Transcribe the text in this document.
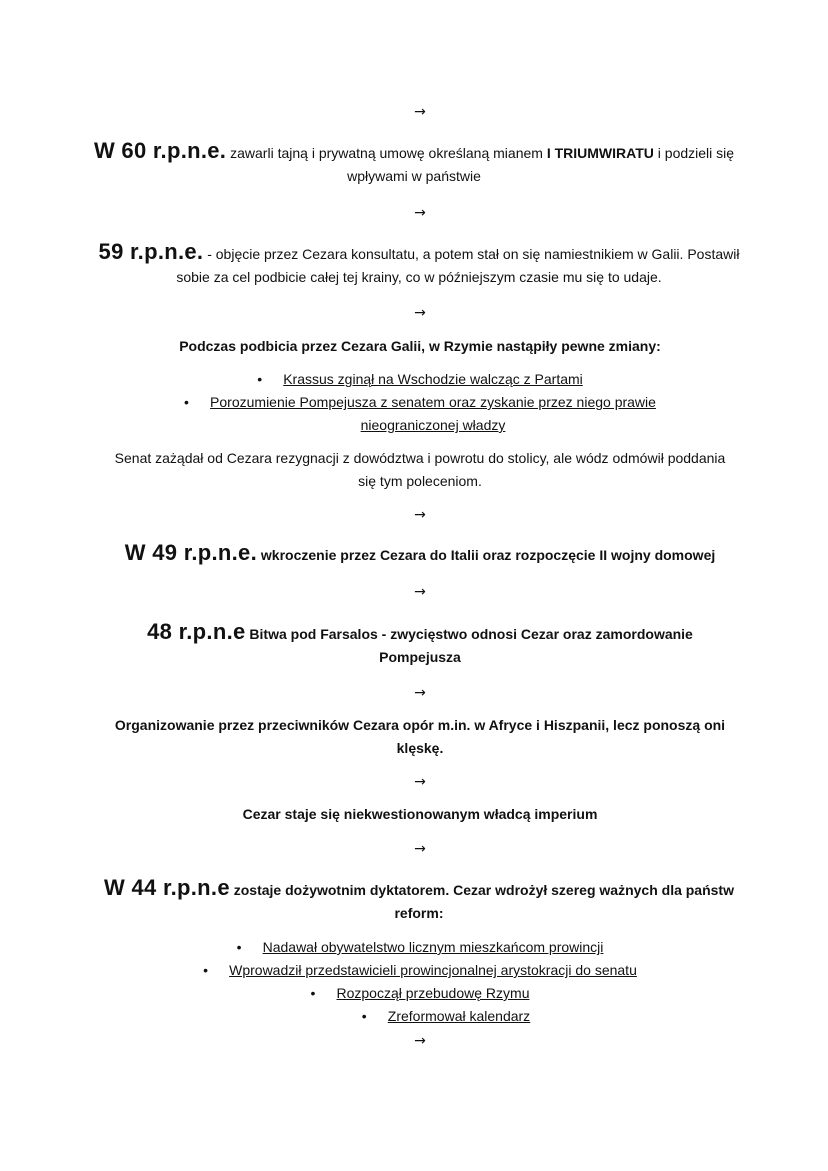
→
W 60 r.p.n.e. zawarli tajną i prywatną umowę określaną mianem I TRIUMWIRATU i podzieli się wpływami w państwie
→
59 r.p.n.e. - objęcie przez Cezara konsultatu, a potem stał on się namiestnikiem w Galii. Postawił sobie za cel podbicie całej tej krainy, co w późniejszym czasie mu się to udaje.
→
Podczas podbicia przez Cezara Galii, w Rzymie nastąpiły pewne zmiany:
• Krassus zginął na Wschodzie walcząc z Partami
• Porozumienie Pompejusza z senatem oraz zyskanie przez niego prawie
nieograniczonej władzy
Senat zażądał od Cezara rezygnacji z dowództwa i powrotu do stolicy, ale wódz odmówił poddania się tym poleceniom.
→
W 49 r.p.n.e. wkroczenie przez Cezara do Italii oraz rozpoczęcie II wojny domowej
→
48 r.p.n.e Bitwa pod Farsalos - zwycięstwo odnosi Cezar oraz zamordowanie Pompejusza
→
Organizowanie przez przeciwników Cezara opór m.in. w Afryce i Hiszpanii, lecz ponoszą oni klęskę.
→
Cezar staje się niekwestionowanym władcą imperium
→
W 44 r.p.n.e zostaje dożywotnim dyktatorem. Cezar wdrożył szereg ważnych dla państw reform:
• Nadawał obywatelstwo licznym mieszkańcom prowincji
• Wprowadził przedstawicieli prowincjonalnej arystokracji do senatu
• Rozpoczął przebudowę Rzymu
• Zreformował kalendarz
→
